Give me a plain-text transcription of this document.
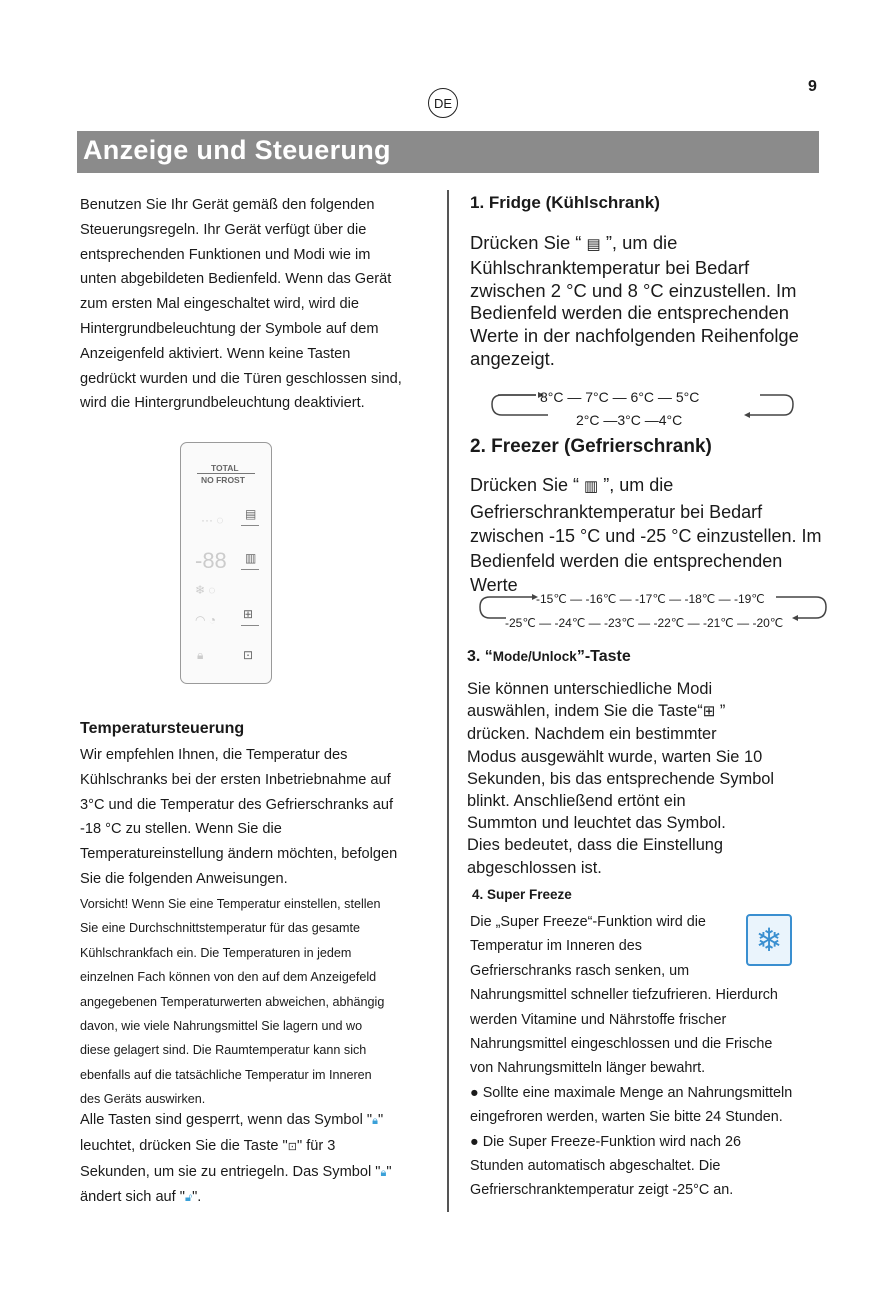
9
DE
Anzeige und Steuerung
Benutzen Sie Ihr Gerät gemäß den folgenden
Steuerungsregeln. Ihr Gerät verfügt über die
entsprechenden Funktionen und Modi wie im
unten abgebildeten Bedienfeld. Wenn das Gerät
zum ersten Mal eingeschaltet wird, wird die
Hintergrundbeleuchtung der Symbole auf dem
Anzeigenfeld aktiviert. Wenn keine Tasten
gedrückt wurden und die Türen geschlossen sind,
wird die Hintergrundbeleuchtung deaktiviert.
TOTAL
NO FROST
··· ◌ ▤
-88 ▥
❄ ◌
◠ ◔ ⊞
🔒︎	⊡
Temperatursteuerung
Wir empfehlen Ihnen, die Temperatur des
Kühlschranks bei der ersten Inbetriebnahme auf
3°C und die Temperatur des Gefrierschranks auf
-18 °C zu stellen. Wenn Sie die
Temperatureinstellung ändern möchten, befolgen
Sie die folgenden Anweisungen.
Vorsicht! Wenn Sie eine Temperatur einstellen, stellen
Sie eine Durchschnittstemperatur für das gesamte
Kühlschrankfach ein. Die Temperaturen in jedem
einzelnen Fach können von den auf dem Anzeigefeld
angegebenen Temperaturwerten abweichen, abhängig
davon, wie viele Nahrungsmittel Sie lagern und wo
diese gelagert sind. Die Raumtemperatur kann sich
ebenfalls auf die tatsächliche Temperatur im Inneren
des Geräts auswirken.
Alle Tasten sind gesperrt, wenn das Symbol "🔒︎"
leuchtet, drücken Sie die Taste "⊡" für 3
Sekunden, um sie zu entriegeln. Das Symbol "🔒︎"
ändert sich auf "🔓︎".
1. Fridge (Kühlschrank)
Drücken Sie “ ▤ ”, um die
Kühlschranktemperatur bei Bedarf
zwischen 2 °C und 8 °C einzustellen. Im
Bedienfeld werden die entsprechenden
Werte in der nachfolgenden Reihenfolge
angezeigt.
8°C — 7°C — 6°C — 5°C
2°C —3°C —4°C
2. Freezer (Gefrierschrank)
Drücken Sie “ ▥ ”, um die
Gefrierschranktemperatur bei Bedarf
zwischen -15 °C und -25 °C einzustellen. Im
Bedienfeld werden die entsprechenden Werte
-15℃ — -16℃ — -17℃ — -18℃ — -19℃
-25℃ — -24℃ — -23℃ — -22℃ — -21℃ — -20℃
3. “Mode/Unlock”-Taste
Sie können unterschiedliche Modi
auswählen, indem Sie die Taste“⊞ ”
drücken. Nachdem ein bestimmter
Modus ausgewählt wurde, warten Sie 10
Sekunden, bis das entsprechende Symbol
blinkt. Anschließend ertönt ein
Summton und leuchtet das Symbol.
Dies bedeutet, dass die Einstellung
abgeschlossen ist.
4. Super Freeze
❄
Die „Super Freeze“-Funktion wird die
Temperatur im Inneren des
Gefrierschranks rasch senken, um
Nahrungsmittel schneller tiefzufrieren. Hierdurch
werden Vitamine und Nährstoffe frischer
Nahrungsmittel eingeschlossen und die Frische
von Nahrungsmitteln länger bewahrt.
● Sollte eine maximale Menge an Nahrungsmitteln
eingefroren werden, warten Sie bitte 24 Stunden.
● Die Super Freeze-Funktion wird nach 26
Stunden automatisch abgeschaltet. Die
Gefrierschranktemperatur zeigt -25°C an.
